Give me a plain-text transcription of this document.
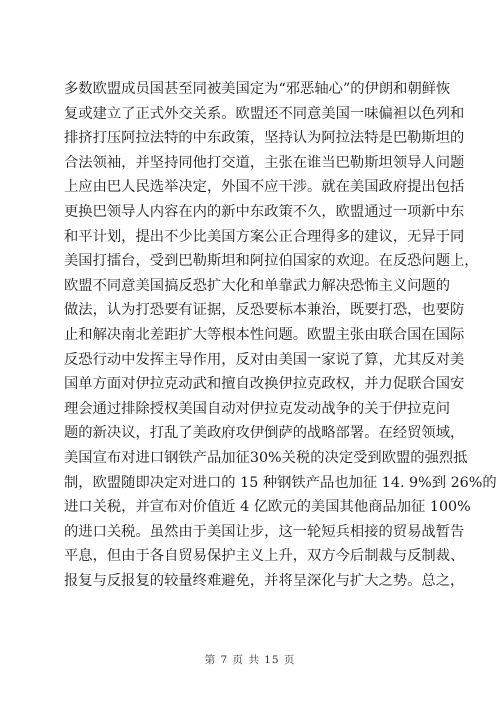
多数欧盟成员国甚至同被美国定为“邪恶轴心”的伊朗和朝鲜恢
复或建立了正式外交关系。欧盟还不同意美国一味偏袒以色列和
排挤打压阿拉法特的中东政策，坚持认为阿拉法特是巴勒斯坦的
合法领袖，并坚持同他打交道，主张在谁当巴勒斯坦领导人问题
上应由巴人民选举决定，外国不应干涉。就在美国政府提出包括
更换巴领导人内容在内的新中东政策不久，欧盟通过一项新中东
和平计划，提出不少比美国方案公正合理得多的建议，无异于同
美国打擂台，受到巴勒斯坦和阿拉伯国家的欢迎。在反恐问题上，
欧盟不同意美国搞反恐扩大化和单靠武力解决恐怖主义问题的
做法，认为打恐要有证据，反恐要标本兼治，既要打恐，也要防
止和解决南北差距扩大等根本性问题。欧盟主张由联合国在国际
反恐行动中发挥主导作用，反对由美国一家说了算，尤其反对美
国单方面对伊拉克动武和擅自改换伊拉克政权，并力促联合国安
理会通过排除授权美国自动对伊拉克发动战争的关于伊拉克问
题的新决议，打乱了美政府攻伊倒萨的战略部署。在经贸领域，
美国宣布对进口钢铁产品加征30%关税的决定受到欧盟的强烈抵
制，欧盟随即决定对进口的 15 种钢铁产品也加征 14. 9%到 26%的
进口关税，并宣布对价值近 4 亿欧元的美国其他商品加征 100%
的进口关税。虽然由于美国让步，这一轮短兵相接的贸易战暂告
平息，但由于各自贸易保护主义上升，双方今后制裁与反制裁、
报复与反报复的较量终难避免，并将呈深化与扩大之势。总之，
第 7 页 共 15 页
